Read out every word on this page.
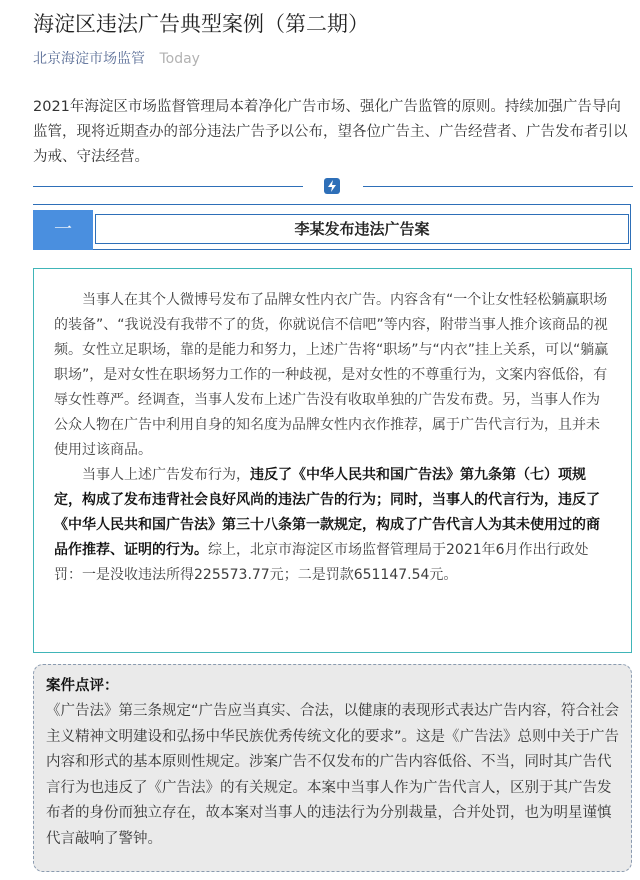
海淀区违法广告典型案例（第二期）
北京海淀市场监管 Today

2021年海淀区市场监督管理局本着净化广告市场、强化广告监管的原则。持续加强广告导向监管，现将近期查办的部分违法广告予以公布，望各位广告主、广告经营者、广告发布者引以为戒、守法经营。

一	李某发布违法广告案

当事人在其个人微博号发布了品牌女性内衣广告。内容含有“一个让女性轻松躺赢职场的装备”、“我说没有我带不了的货，你就说信不信吧”等内容，附带当事人推介该商品的视频。女性立足职场，靠的是能力和努力，上述广告将“职场”与“内衣”挂上关系，可以“躺赢职场”，是对女性在职场努力工作的一种歧视，是对女性的不尊重行为，文案内容低俗，有辱女性尊严。经调查，当事人发布上述广告没有收取单独的广告发布费。另，当事人作为公众人物在广告中利用自身的知名度为品牌女性内衣作推荐，属于广告代言行为，且并未使用过该商品。

当事人上述广告发布行为，违反了《中华人民共和国广告法》第九条第（七）项规定，构成了发布违背社会良好风尚的违法广告的行为；同时，当事人的代言行为，违反了《中华人民共和国广告法》第三十八条第一款规定，构成了广告代言人为其未使用过的商品作推荐、证明的行为。综上，北京市海淀区市场监督管理局于2021年6月作出行政处罚：一是没收违法所得225573.77元；二是罚款651147.54元。

案件点评：

《广告法》第三条规定“广告应当真实、合法，以健康的表现形式表达广告内容，符合社会主义精神文明建设和弘扬中华民族优秀传统文化的要求”。这是《广告法》总则中关于广告内容和形式的基本原则性规定。涉案广告不仅发布的广告内容低俗、不当，同时其广告代言行为也违反了《广告法》的有关规定。本案中当事人作为广告代言人，区别于其广告发布者的身份而独立存在，故本案对当事人的违法行为分别裁量，合并处罚，也为明星谨慎代言敲响了警钟。
